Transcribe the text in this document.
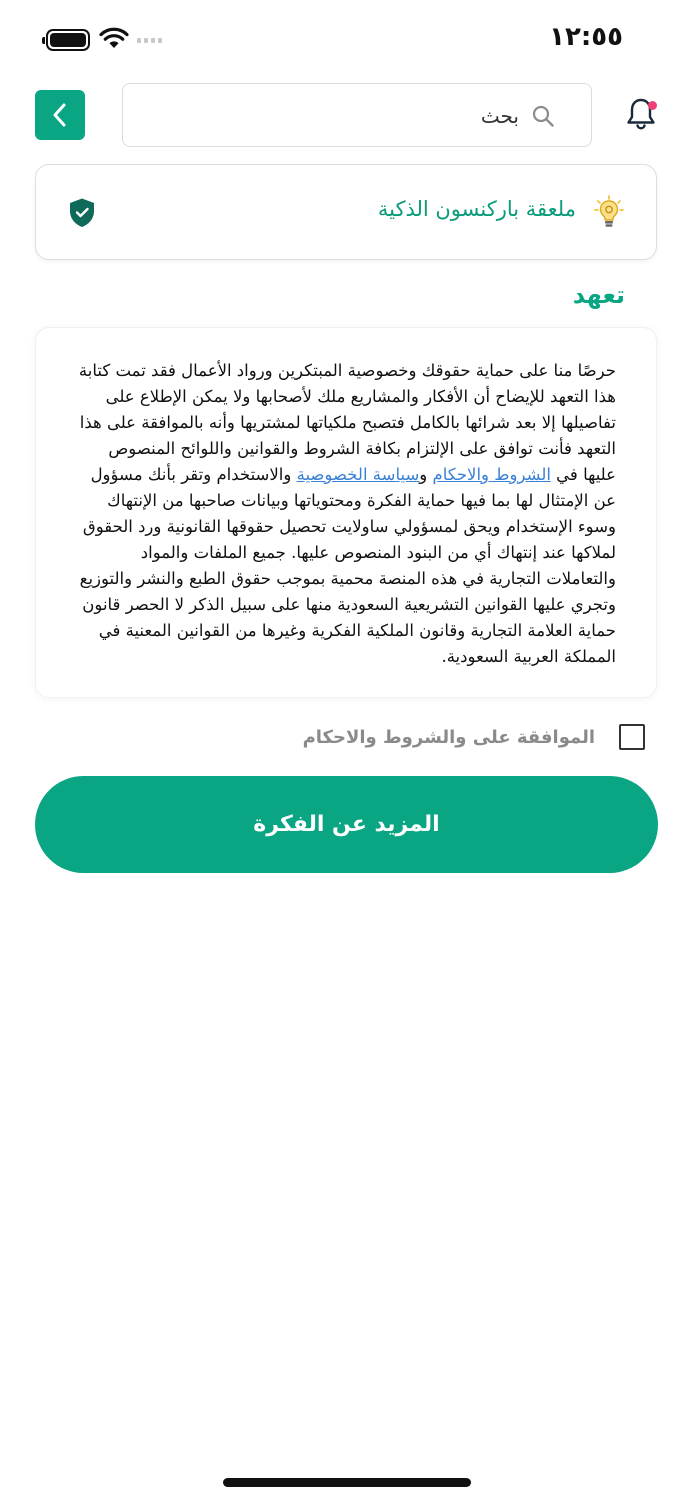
١٢:٥٥
بحث
ملعقة باركنسون الذكية
تعهد

حرصًا منا على حماية حقوقك وخصوصية المبتكرين ورواد الأعمال فقد تمت كتابة هذا التعهد للإيضاح أن الأفكار والمشاريع ملك لأصحابها ولا يمكن الإطلاع على تفاصيلها إلا بعد شرائها بالكامل فتصبح ملكياتها لمشتريها وأنه بالموافقة على هذا التعهد فأنت توافق على الإلتزام بكافة الشروط والقوانين واللوائح المنصوص عليها في الشروط والاحكام وسياسة الخصوصية والاستخدام وتقر بأنك مسؤول عن الإمتثال لها بما فيها حماية الفكرة ومحتوياتها وبيانات صاحبها من الإنتهاك وسوء الإستخدام ويحق لمسؤولي ساولايت تحصيل حقوقها القانونية ورد الحقوق لملاكها عند إنتهاك أي من البنود المنصوص عليها. جميع الملفات والمواد والتعاملات التجارية في هذه المنصة محمية بموجب حقوق الطبع والنشر والتوزيع وتجري عليها القوانين التشريعية السعودية منها على سبيل الذكر لا الحصر قانون حماية العلامة التجارية وقانون الملكية الفكرية وغيرها من القوانين المعنية في المملكة العربية السعودية.

الموافقة على والشروط والاحكام
المزيد عن الفكرة
